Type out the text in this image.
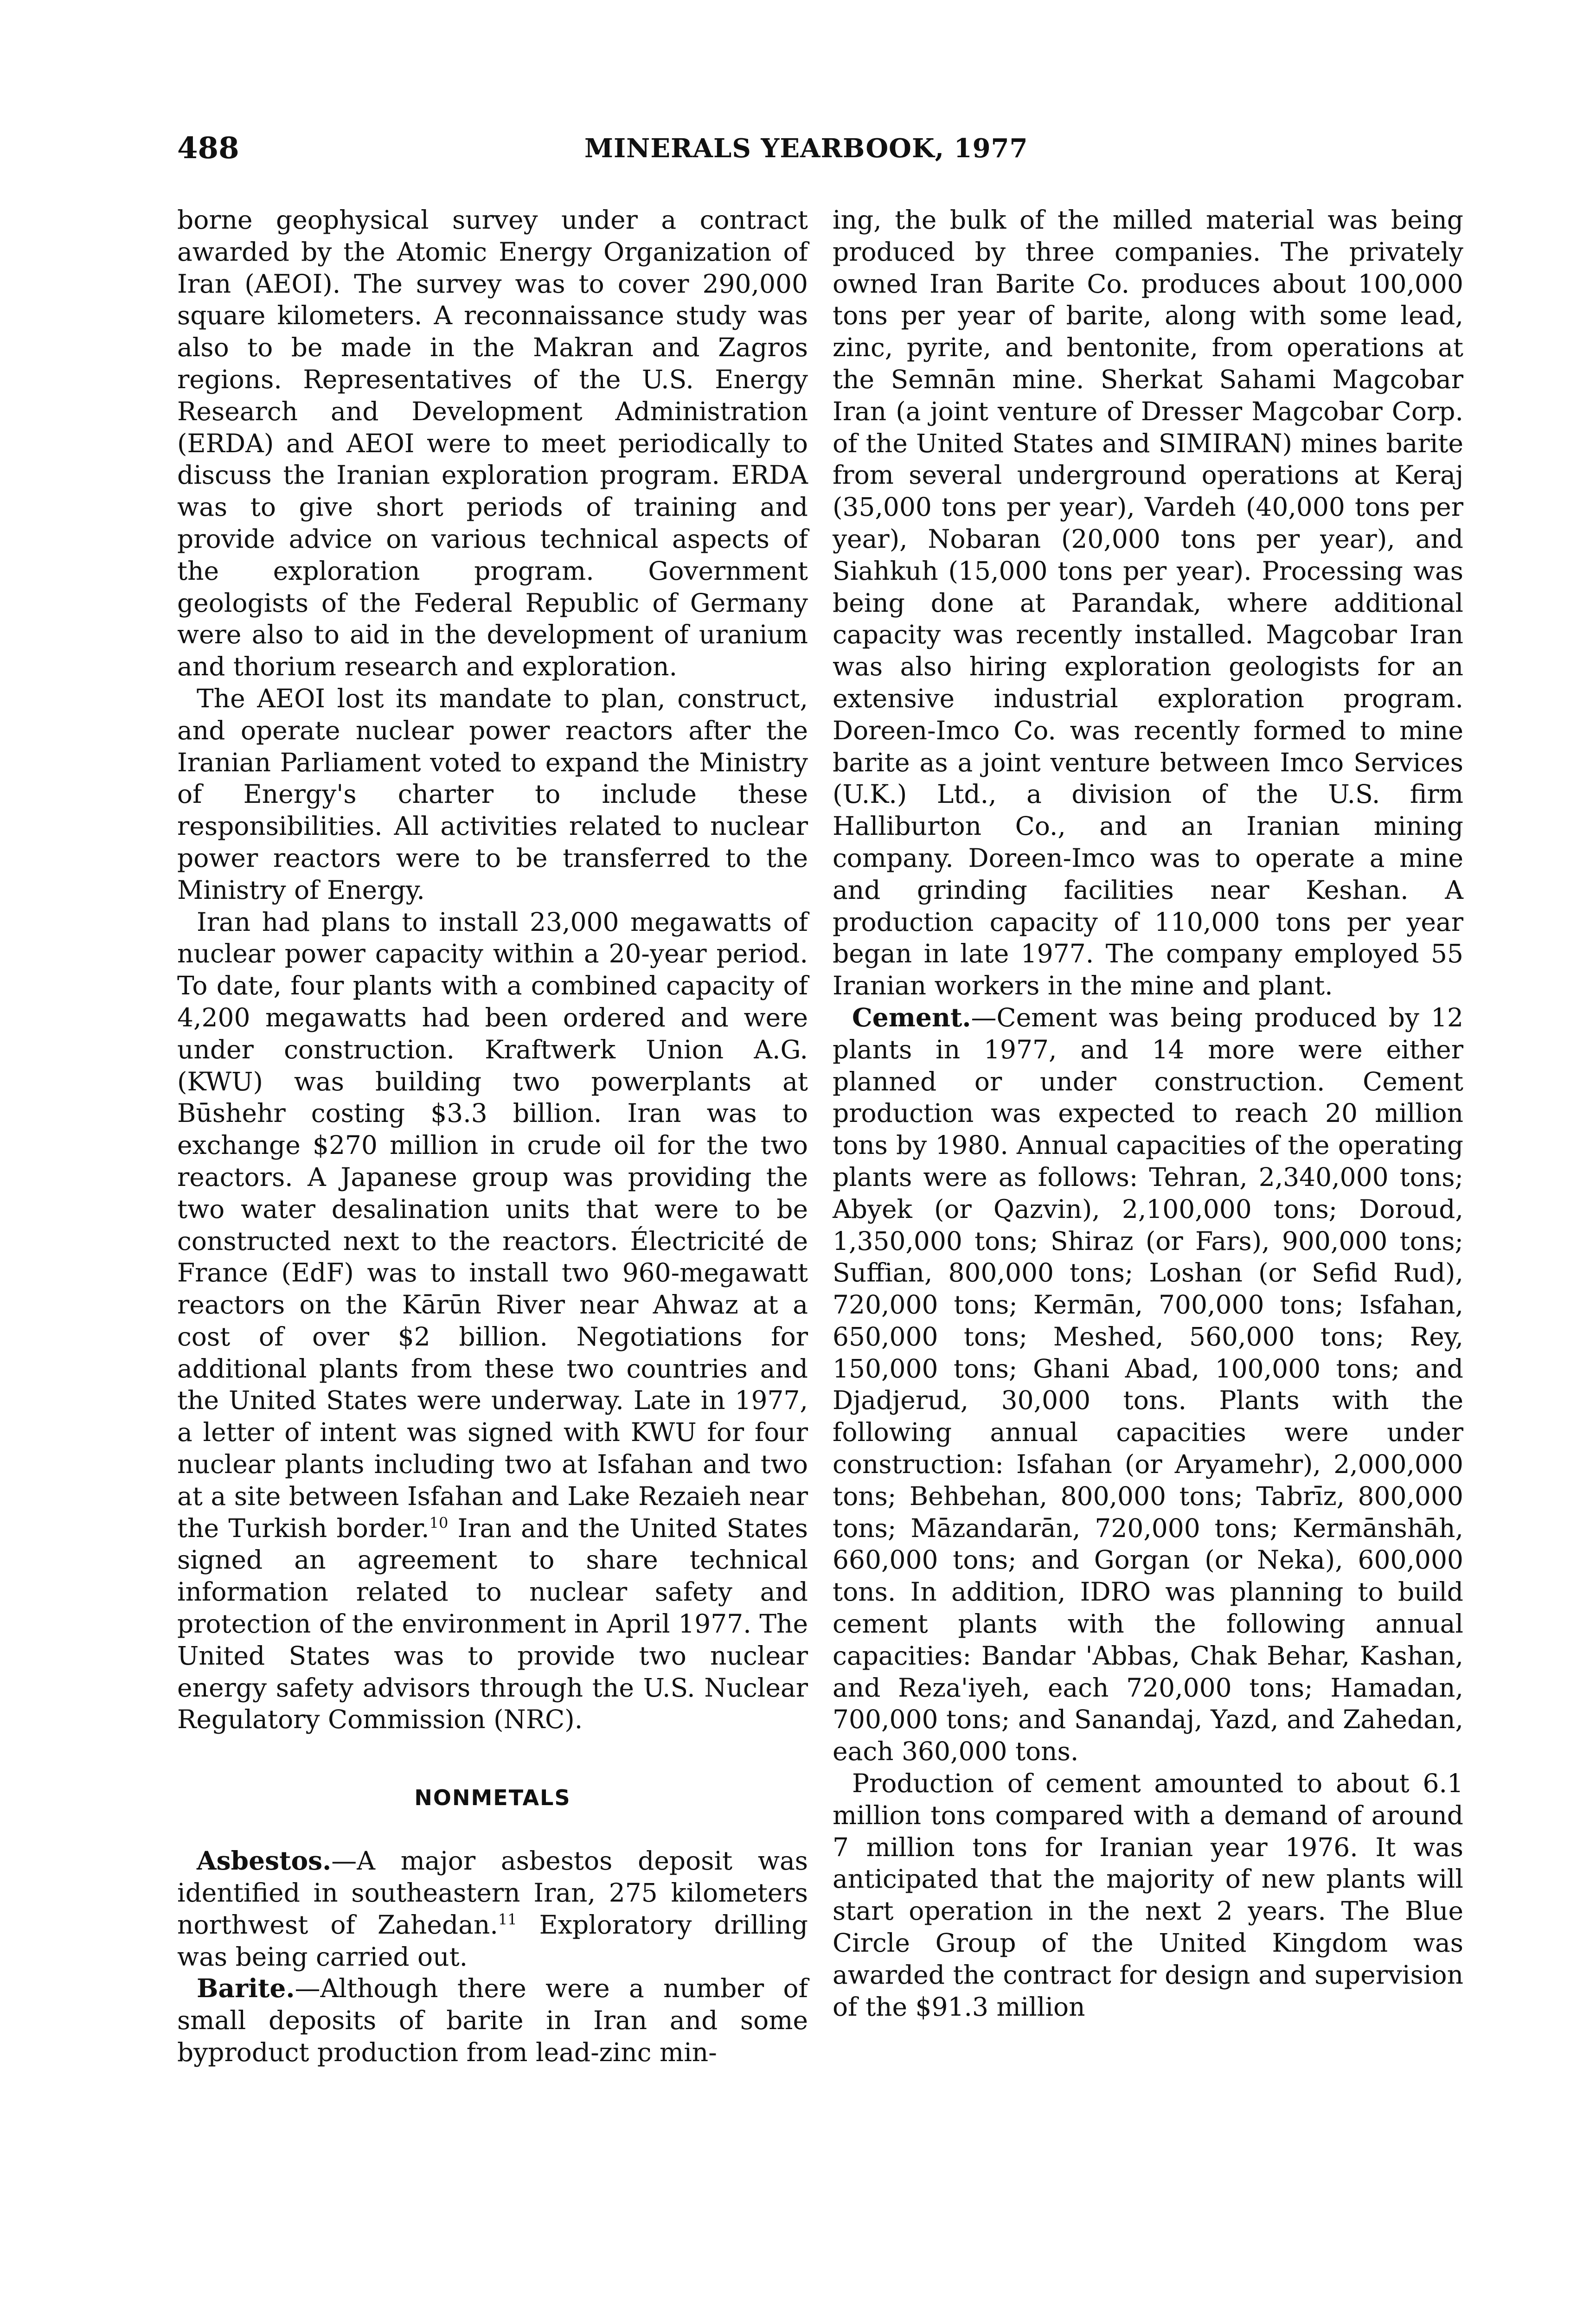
488	MINERALS YEARBOOK, 1977

borne geophysical survey under a contract awarded by the Atomic Energy Organization of Iran (AEOI). The survey was to cover 290,000 square kilometers. A reconnaissance study was also to be made in the Makran and Zagros regions. Representatives of the U.S. Energy Research and Development Administration (ERDA) and AEOI were to meet periodically to discuss the Iranian exploration program. ERDA was to give short periods of training and provide advice on various technical aspects of the exploration program. Government geologists of the Federal Republic of Germany were also to aid in the development of uranium and thorium research and exploration.

The AEOI lost its mandate to plan, construct, and operate nuclear power reactors after the Iranian Parliament voted to expand the Ministry of Energy's charter to include these responsibilities. All activities related to nuclear power reactors were to be transferred to the Ministry of Energy.

Iran had plans to install 23,000 megawatts of nuclear power capacity within a 20-year period. To date, four plants with a combined capacity of 4,200 megawatts had been ordered and were under construction. Kraftwerk Union A.G. (KWU) was building two powerplants at Būshehr costing $3.3 billion. Iran was to exchange $270 million in crude oil for the two reactors. A Japanese group was providing the two water desalination units that were to be constructed next to the reactors. Électricité de France (EdF) was to install two 960-megawatt reactors on the Kārūn River near Ahwaz at a cost of over $2 billion. Negotiations for additional plants from these two countries and the United States were underway. Late in 1977, a letter of intent was signed with KWU for four nuclear plants including two at Isfahan and two at a site between Isfahan and Lake Rezaieh near the Turkish border.$^{10}$ Iran and the United States signed an agreement to share technical information related to nuclear safety and protection of the environment in April 1977. The United States was to provide two nuclear energy safety advisors through the U.S. Nuclear Regulatory Commission (NRC).

NONMETALS

Asbestos.—A major asbestos deposit was identified in southeastern Iran, 275 kilometers northwest of Zahedan.$^{11}$ Exploratory drilling was being carried out.

Barite.—Although there were a number of small deposits of barite in Iran and some byproduct production from lead-zinc min-

ing, the bulk of the milled material was being produced by three companies. The privately owned Iran Barite Co. produces about 100,000 tons per year of barite, along with some lead, zinc, pyrite, and bentonite, from operations at the Semnān mine. Sherkat Sahami Magcobar Iran (a joint venture of Dresser Magcobar Corp. of the United States and SIMIRAN) mines barite from several underground operations at Keraj (35,000 tons per year), Vardeh (40,000 tons per year), Nobaran (20,000 tons per year), and Siahkuh (15,000 tons per year). Processing was being done at Parandak, where additional capacity was recently installed. Magcobar Iran was also hiring exploration geologists for an extensive industrial exploration program. Doreen-Imco Co. was recently formed to mine barite as a joint venture between Imco Services (U.K.) Ltd., a division of the U.S. firm Halliburton Co., and an Iranian mining company. Doreen-Imco was to operate a mine and grinding facilities near Keshan. A production capacity of 110,000 tons per year began in late 1977. The company employed 55 Iranian workers in the mine and plant.

Cement.—Cement was being produced by 12 plants in 1977, and 14 more were either planned or under construction. Cement production was expected to reach 20 million tons by 1980. Annual capacities of the operating plants were as follows: Tehran, 2,340,000 tons; Abyek (or Qazvin), 2,100,000 tons; Doroud, 1,350,000 tons; Shiraz (or Fars), 900,000 tons; Suffian, 800,000 tons; Loshan (or Sefid Rud), 720,000 tons; Kermān, 700,000 tons; Isfahan, 650,000 tons; Meshed, 560,000 tons; Rey, 150,000 tons; Ghani Abad, 100,000 tons; and Djadjerud, 30,000 tons. Plants with the following annual capacities were under construction: Isfahan (or Aryamehr), 2,000,000 tons; Behbehan, 800,000 tons; Tabrīz, 800,000 tons; Māzandarān, 720,000 tons; Kermānshāh, 660,000 tons; and Gorgan (or Neka), 600,000 tons. In addition, IDRO was planning to build cement plants with the following annual capacities: Bandar 'Abbas, Chak Behar, Kashan, and Reza'iyeh, each 720,000 tons; Hamadan, 700,000 tons; and Sanandaj, Yazd, and Zahedan, each 360,000 tons.

Production of cement amounted to about 6.1 million tons compared with a demand of around 7 million tons for Iranian year 1976. It was anticipated that the majority of new plants will start operation in the next 2 years. The Blue Circle Group of the United Kingdom was awarded the contract for design and supervision of the $91.3 million
